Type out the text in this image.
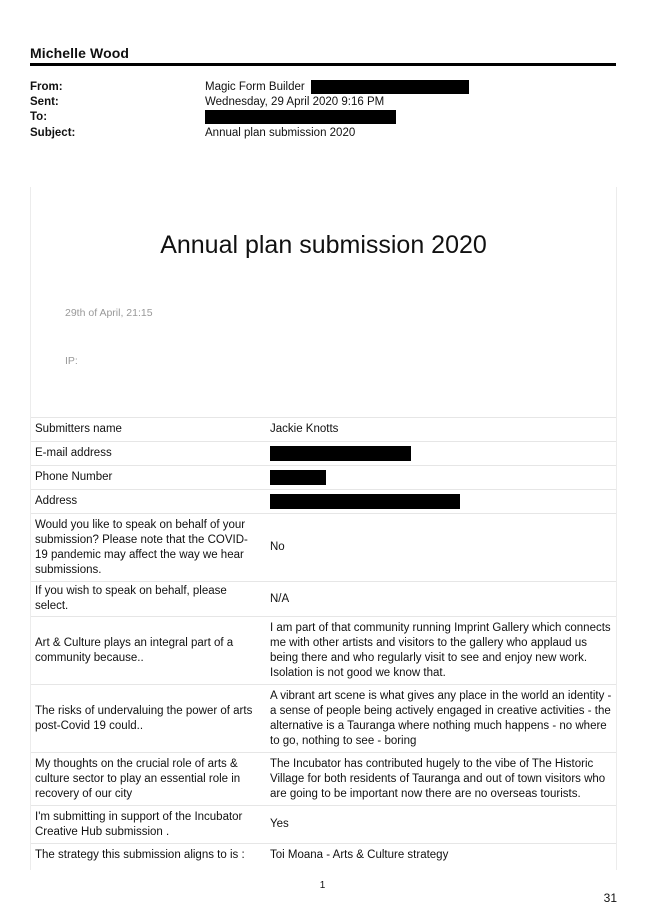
Michelle Wood
From:	Magic Form Builder
Sent:	Wednesday, 29 April 2020 9:16 PM
To:
Subject:	Annual plan submission 2020
Annual plan submission 2020
29th of April, 21:15
IP:
Submitters name	Jackie Knotts
E-mail address	
Phone Number	
Address	
Would you like to speak on behalf of your submission? Please note that the COVID-19 pandemic may affect the way we hear submissions.	No
If you wish to speak on behalf, please select.	N/A
Art & Culture plays an integral part of a community because..	I am part of that community running Imprint Gallery which connects me with other artists and visitors to the gallery who applaud us being there and who regularly visit to see and enjoy new work. Isolation is not good we know that.
The risks of undervaluing the power of arts post-Covid 19 could..	A vibrant art scene is what gives any place in the world an identity - a sense of people being actively engaged in creative activities - the alternative is a Tauranga where nothing much happens - no where to go, nothing to see - boring
My thoughts on the crucial role of arts & culture sector to play an essential role in recovery of our city	The Incubator has contributed hugely to the vibe of The Historic Village for both residents of Tauranga and out of town visitors who are going to be important now there are no overseas tourists.
I'm submitting in support of the Incubator Creative Hub submission .	Yes
The strategy this submission aligns to is :	Toi Moana - Arts & Culture strategy
1
31
